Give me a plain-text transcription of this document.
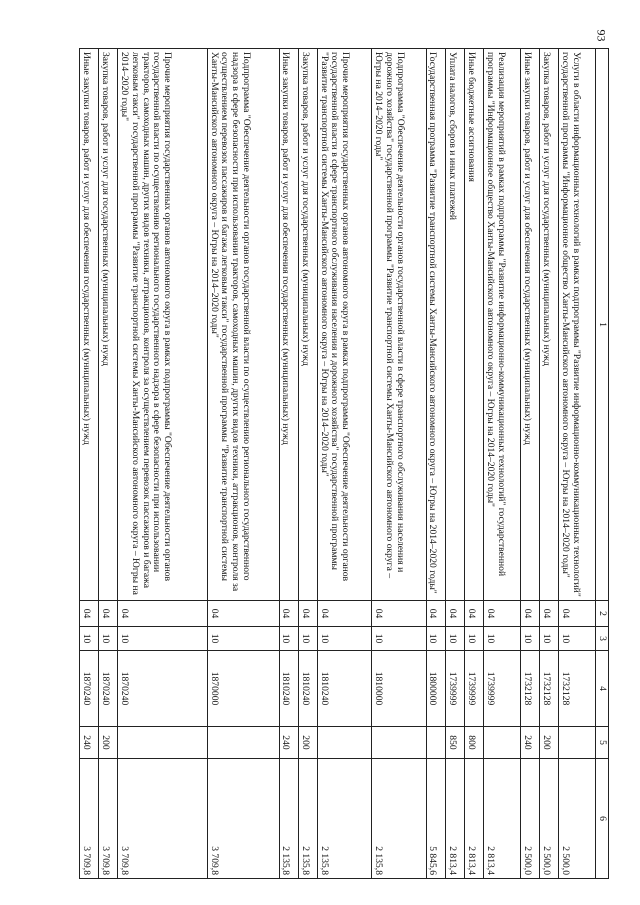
93
1	2	3	4	5	6
Услуги в области информационных технологий в рамках подпрограммы "Развитие информационно-коммуникационных технологий" государственной программы "Информационное общество Ханты-Мансийского автономного округа – Югры на 2014–2020 годы"	04	10	1732128		2 500,0
Закупка товаров, работ и услуг для государственных (муниципальных) нужд	04	10	1732128	200	2 500,0
Иные закупки товаров, работ и услуг для обеспечения государственных (муниципальных) нужд	04	10	1732128	240	2 500,0
Реализация мероприятий в рамках подпрограммы "Развитие информационно-коммуникационных технологий" государственной программы "Информационное общество Ханты-Мансийского автономного округа – Югры на 2014–2020 годы"	04	10	1739999		2 813,4
Иные бюджетные ассигнования	04	10	1739999	800	2 813,4
Уплата налогов, сборов и иных платежей	04	10	1739999	850	2 813,4
Государственная программа "Развитие транспортной системы Ханты-Мансийского автономного округа – Югры на 2014–2020 годы"	04	10	1800000		5 845,6
Подпрограмма "Обеспечение деятельности органов государственной власти в сфере транспортного обслуживания населения и дорожного хозяйства" государственной программы "Развитие транспортной системы Ханты-Мансийского автономного округа – Югры на 2014–2020 годы"	04	10	1810000		2 135,8
Прочие мероприятия государственных органов автономного округа в рамках подпрограммы "Обеспечение деятельности органов государственной власти в сфере транспортного обслуживания населения и дорожного хозяйства" государственной программы "Развитие транспортной системы Ханты-Мансийского автономного округа – Югры на 2014–2020 годы"	04	10	1810240		2 135,8
Закупка товаров, работ и услуг для государственных (муниципальных) нужд	04	10	1810240	200	2 135,8
Иные закупки товаров, работ и услуг для обеспечения государственных (муниципальных) нужд	04	10	1810240	240	2 135,8
Подпрограмма "Обеспечение деятельности органов государственной власти по осуществлению регионального государственного надзора в сфере безопасности при использовании тракторов, самоходных машин, других видов техники, аттракционов, контроля за осуществлением перевозок пассажиров и багажа легковым такси" государственной программы "Развитие транспортной системы Ханты-Мансийского автономного округа – Югры на 2014–2020 годы"	04	10	1870000		3 709,8
Прочие мероприятия государственных органов автономного округа в рамках подпрограммы "Обеспечение деятельности органов государственной власти по осуществлению регионального государственного надзора в сфере безопасности при использовании тракторов, самоходных машин, других видов техники, аттракционов, контроля за осуществлением перевозок пассажиров и багажа легковым такси" государственной программы "Развитие транспортной системы Ханты-Мансийского автономного округа – Югры на 2014–2020 годы"	04	10	1870240		3 709,8
Закупка товаров, работ и услуг для государственных (муниципальных) нужд	04	10	1870240	200	3 709,8
Иные закупки товаров, работ и услуг для обеспечения государственных (муниципальных) нужд	04	10	1870240	240	3 709,8
